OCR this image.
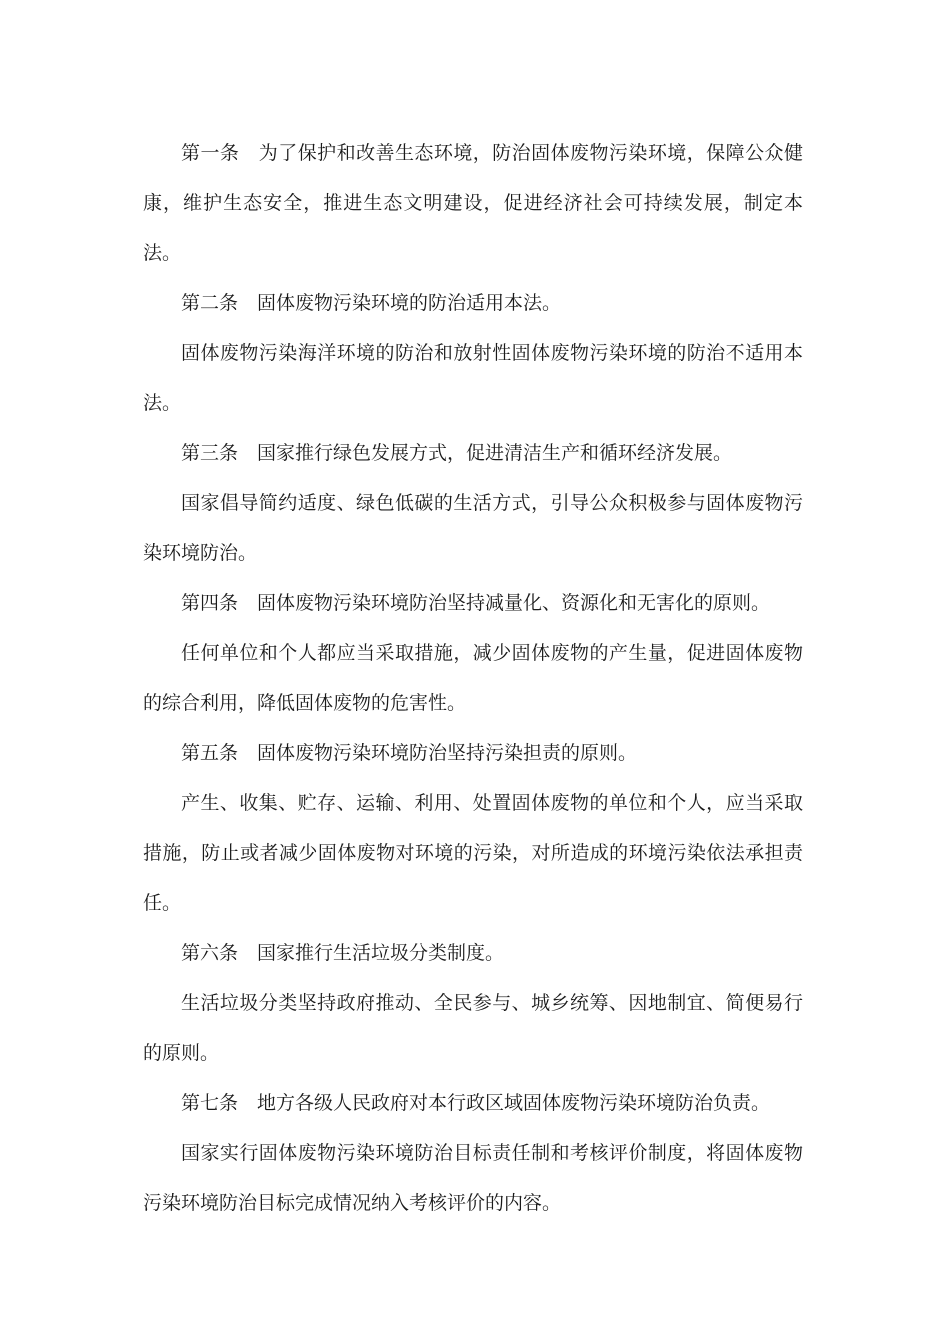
第一条 为了保护和改善生态环境，防治固体废物污染环境，保障公众健康，维护生态安全，推进生态文明建设，促进经济社会可持续发展，制定本法。

第二条 固体废物污染环境的防治适用本法。

固体废物污染海洋环境的防治和放射性固体废物污染环境的防治不适用本法。

第三条 国家推行绿色发展方式，促进清洁生产和循环经济发展。

国家倡导简约适度、绿色低碳的生活方式，引导公众积极参与固体废物污染环境防治。

第四条 固体废物污染环境防治坚持减量化、资源化和无害化的原则。

任何单位和个人都应当采取措施，减少固体废物的产生量，促进固体废物的综合利用，降低固体废物的危害性。

第五条 固体废物污染环境防治坚持污染担责的原则。

产生、收集、贮存、运输、利用、处置固体废物的单位和个人，应当采取措施，防止或者减少固体废物对环境的污染，对所造成的环境污染依法承担责任。

第六条 国家推行生活垃圾分类制度。

生活垃圾分类坚持政府推动、全民参与、城乡统筹、因地制宜、简便易行的原则。

第七条 地方各级人民政府对本行政区域固体废物污染环境防治负责。

国家实行固体废物污染环境防治目标责任制和考核评价制度，将固体废物污染环境防治目标完成情况纳入考核评价的内容。
